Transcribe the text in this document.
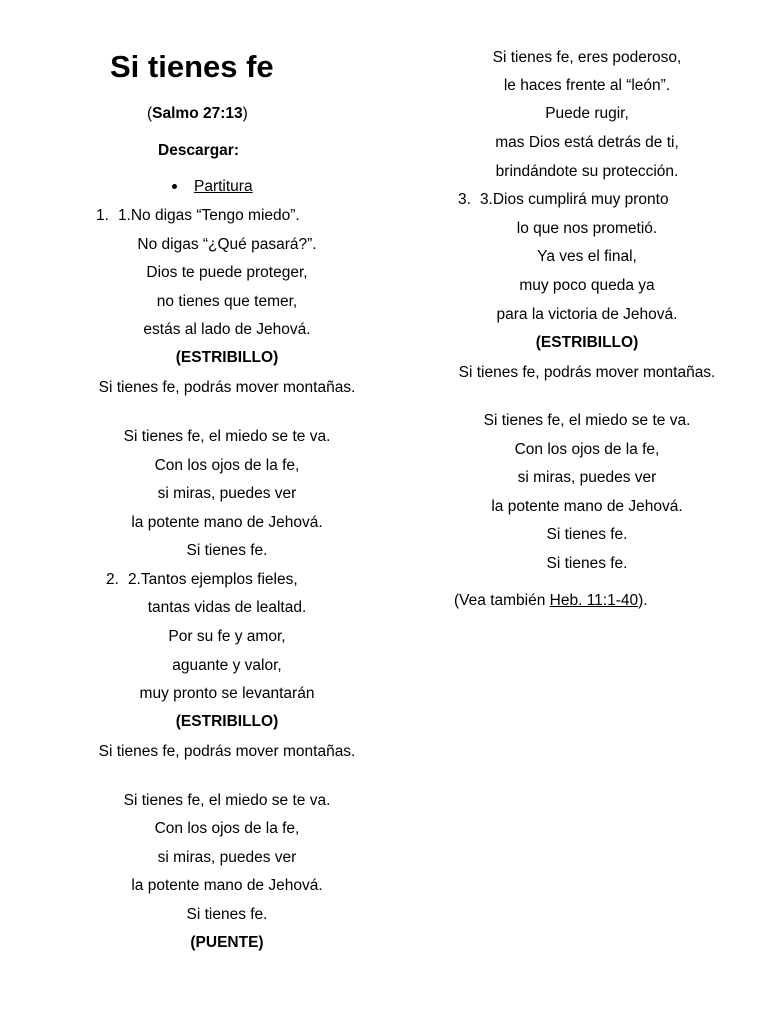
Si tienes fe
(Salmo 27:13)
Descargar:
Partitura
1. 1.No digas “Tengo miedo”.
No digas “¿Qué pasará?”.
Dios te puede proteger,
no tienes que temer,
estás al lado de Jehová.
(ESTRIBILLO)
Si tienes fe, podrás mover montañas.
Si tienes fe, el miedo se te va.
Con los ojos de la fe,
si miras, puedes ver
la potente mano de Jehová.
Si tienes fe.
2. 2.Tantos ejemplos fieles,
tantas vidas de lealtad.
Por su fe y amor,
aguante y valor,
muy pronto se levantarán
(ESTRIBILLO)
Si tienes fe, podrás mover montañas.
Si tienes fe, el miedo se te va.
Con los ojos de la fe,
si miras, puedes ver
la potente mano de Jehová.
Si tienes fe.
(PUENTE)
Si tienes fe, eres poderoso,
le haces frente al “león”.
Puede rugir,
mas Dios está detrás de ti,
brindándote su protección.
3. 3.Dios cumplirá muy pronto
lo que nos prometió.
Ya ves el final,
muy poco queda ya
para la victoria de Jehová.
(ESTRIBILLO)
Si tienes fe, podrás mover montañas.
Si tienes fe, el miedo se te va.
Con los ojos de la fe,
si miras, puedes ver
la potente mano de Jehová.
Si tienes fe.
Si tienes fe.
(Vea también Heb. 11:1-40).
